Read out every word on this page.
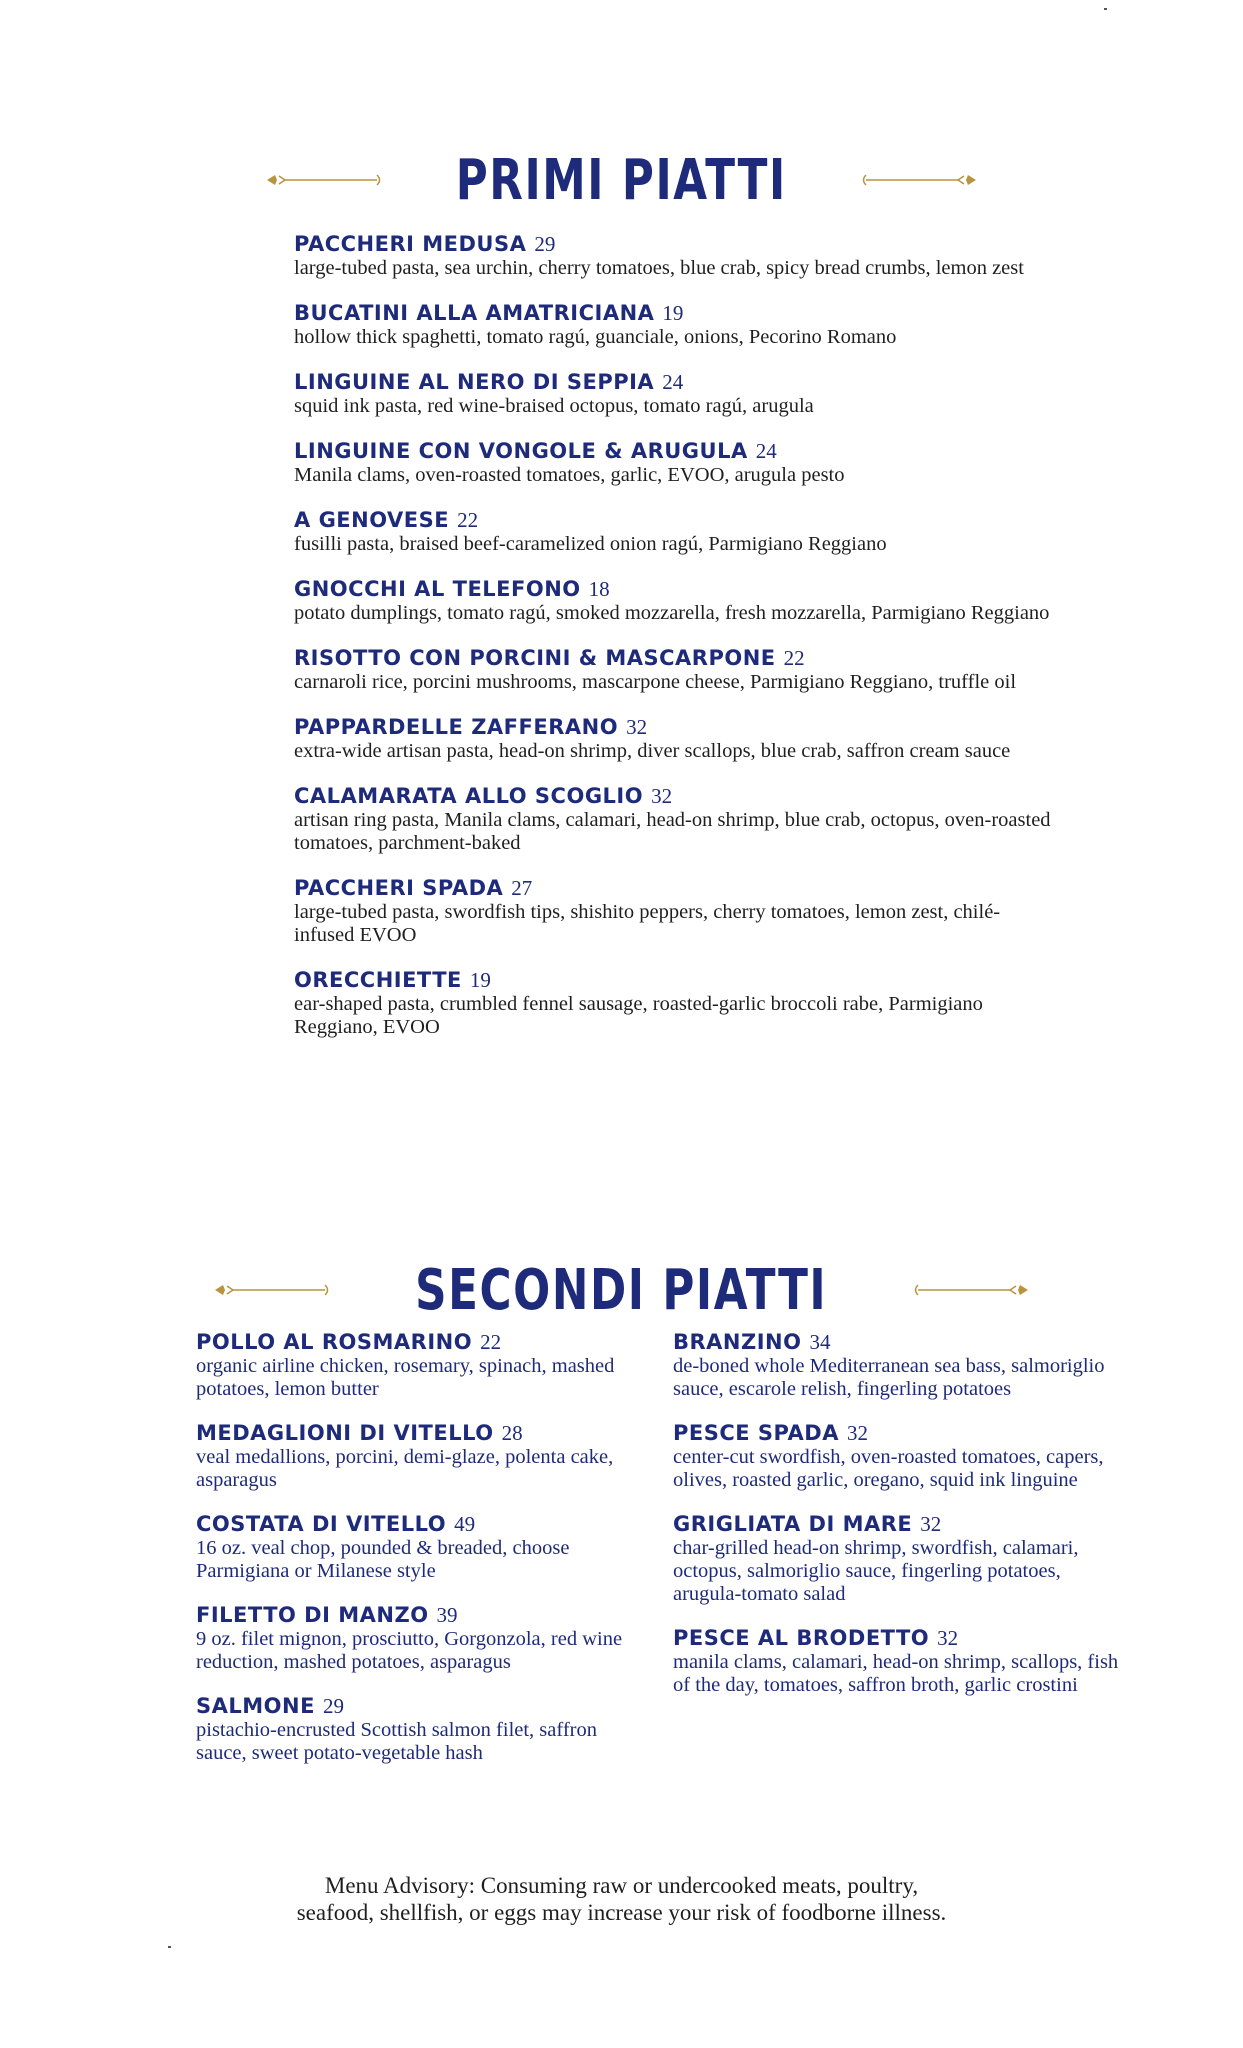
PRIMI PIATTI
PACCHERI MEDUSA 29
large-tubed pasta, sea urchin, cherry tomatoes, blue crab, spicy bread crumbs, lemon zest
BUCATINI ALLA AMATRICIANA 19
hollow thick spaghetti, tomato ragú, guanciale, onions, Pecorino Romano
LINGUINE AL NERO DI SEPPIA 24
squid ink pasta, red wine-braised octopus, tomato ragú, arugula
LINGUINE CON VONGOLE & ARUGULA 24
Manila clams, oven-roasted tomatoes, garlic, EVOO, arugula pesto
A GENOVESE 22
fusilli pasta, braised beef-caramelized onion ragú, Parmigiano Reggiano
GNOCCHI AL TELEFONO 18
potato dumplings, tomato ragú, smoked mozzarella, fresh mozzarella, Parmigiano Reggiano
RISOTTO CON PORCINI & MASCARPONE 22
carnaroli rice, porcini mushrooms, mascarpone cheese, Parmigiano Reggiano, truffle oil
PAPPARDELLE ZAFFERANO 32
extra-wide artisan pasta, head-on shrimp, diver scallops, blue crab, saffron cream sauce
CALAMARATA ALLO SCOGLIO 32
artisan ring pasta, Manila clams, calamari, head-on shrimp, blue crab, octopus, oven-roasted tomatoes, parchment-baked
PACCHERI SPADA 27
large-tubed pasta, swordfish tips, shishito peppers, cherry tomatoes, lemon zest, chilé-infused EVOO
ORECCHIETTE 19
ear-shaped pasta, crumbled fennel sausage, roasted-garlic broccoli rabe, Parmigiano Reggiano, EVOO
SECONDI PIATTI
POLLO AL ROSMARINO 22
organic airline chicken, rosemary, spinach, mashed potatoes, lemon butter
MEDAGLIONI DI VITELLO 28
veal medallions, porcini, demi-glaze, polenta cake, asparagus
COSTATA DI VITELLO 49
16 oz. veal chop, pounded & breaded, choose Parmigiana or Milanese style
FILETTO DI MANZO 39
9 oz. filet mignon, prosciutto, Gorgonzola, red wine reduction, mashed potatoes, asparagus
SALMONE 29
pistachio-encrusted Scottish salmon filet, saffron sauce, sweet potato-vegetable hash
BRANZINO 34
de-boned whole Mediterranean sea bass, salmoriglio sauce, escarole relish, fingerling potatoes
PESCE SPADA 32
center-cut swordfish, oven-roasted tomatoes, capers, olives, roasted garlic, oregano, squid ink linguine
GRIGLIATA DI MARE 32
char-grilled head-on shrimp, swordfish, calamari, octopus, salmoriglio sauce, fingerling potatoes, arugula-tomato salad
PESCE AL BRODETTO 32
manila clams, calamari, head-on shrimp, scallops, fish of the day, tomatoes, saffron broth, garlic crostini
Menu Advisory: Consuming raw or undercooked meats, poultry,
seafood, shellfish, or eggs may increase your risk of foodborne illness.
